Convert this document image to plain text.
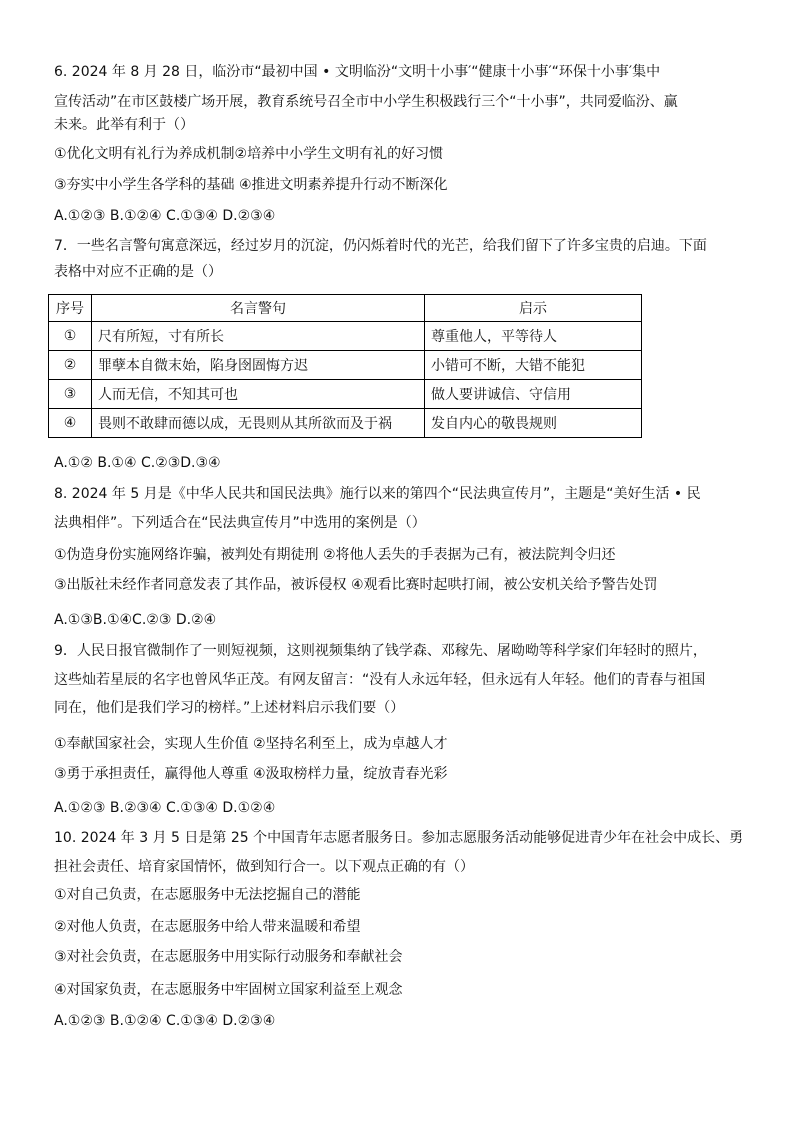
6. 2024 年 8 月 28 日，临汾市“最初中国 • 文明临汾“文明十小事′“健康十小事′“环保十小事′集中
宣传活动”在市区鼓楼广场开展，教育系统号召全市中小学生积极践行三个“十小事”，共同爱临汾、赢
未来。此举有利于（）
①优化文明有礼行为养成机制②培养中小学生文明有礼的好习惯
③夯实中小学生各学科的基础 ④推进文明素养提升行动不断深化
A.①②③ B.①②④ C.①③④ D.②③④
7．一些名言警句寓意深远，经过岁月的沉淀，仍闪烁着时代的光芒，给我们留下了许多宝贵的启迪。下面
表格中对应不正确的是（）
序号	名言警句	启示
①	尺有所短，寸有所长	尊重他人，平等待人
②	罪孽本自微末始，陷身囹圄悔方迟	小错可不断，大错不能犯
③	人而无信，不知其可也	做人要讲诚信、守信用
④	畏则不敢肆而德以成，无畏则从其所欲而及于祸	发自内心的敬畏规则
A.①② B.①④ C.②③D.③④
8. 2024 年 5 月是《中华人民共和国民法典》施行以来的第四个“民法典宣传月”，主题是“美好生活 • 民
法典相伴”。下列适合在“民法典宣传月”中选用的案例是（）
①伪造身份实施网络诈骗，被判处有期徒刑 ②将他人丢失的手表据为己有，被法院判令归还
③出版社未经作者同意发表了其作品，被诉侵权 ④观看比赛时起哄打闹，被公安机关给予警告处罚
A.①③B.①④C.②③ D.②④
9．人民日报官微制作了一则短视频，这则视频集纳了钱学森、邓稼先、屠呦呦等科学家们年轻时的照片，
这些灿若星辰的名字也曾风华正茂。有网友留言：“没有人永远年轻，但永远有人年轻。他们的青春与祖国
同在，他们是我们学习的榜样。”上述材料启示我们要（）
①奉献国家社会，实现人生价值 ②坚持名利至上，成为卓越人才
③勇于承担责任，赢得他人尊重 ④汲取榜样力量，绽放青春光彩
A.①②③ B.②③④ C.①③④ D.①②④
10. 2024 年 3 月 5 日是第 25 个中国青年志愿者服务日。参加志愿服务活动能够促进青少年在社会中成长、勇
担社会责任、培育家国情怀，做到知行合一。以下观点正确的有（）
①对自己负责，在志愿服务中无法挖掘自己的潜能
②对他人负责，在志愿服务中给人带来温暖和希望
③对社会负责，在志愿服务中用实际行动服务和奉献社会
④对国家负责，在志愿服务中牢固树立国家利益至上观念
A.①②③ B.①②④ C.①③④ D.②③④
